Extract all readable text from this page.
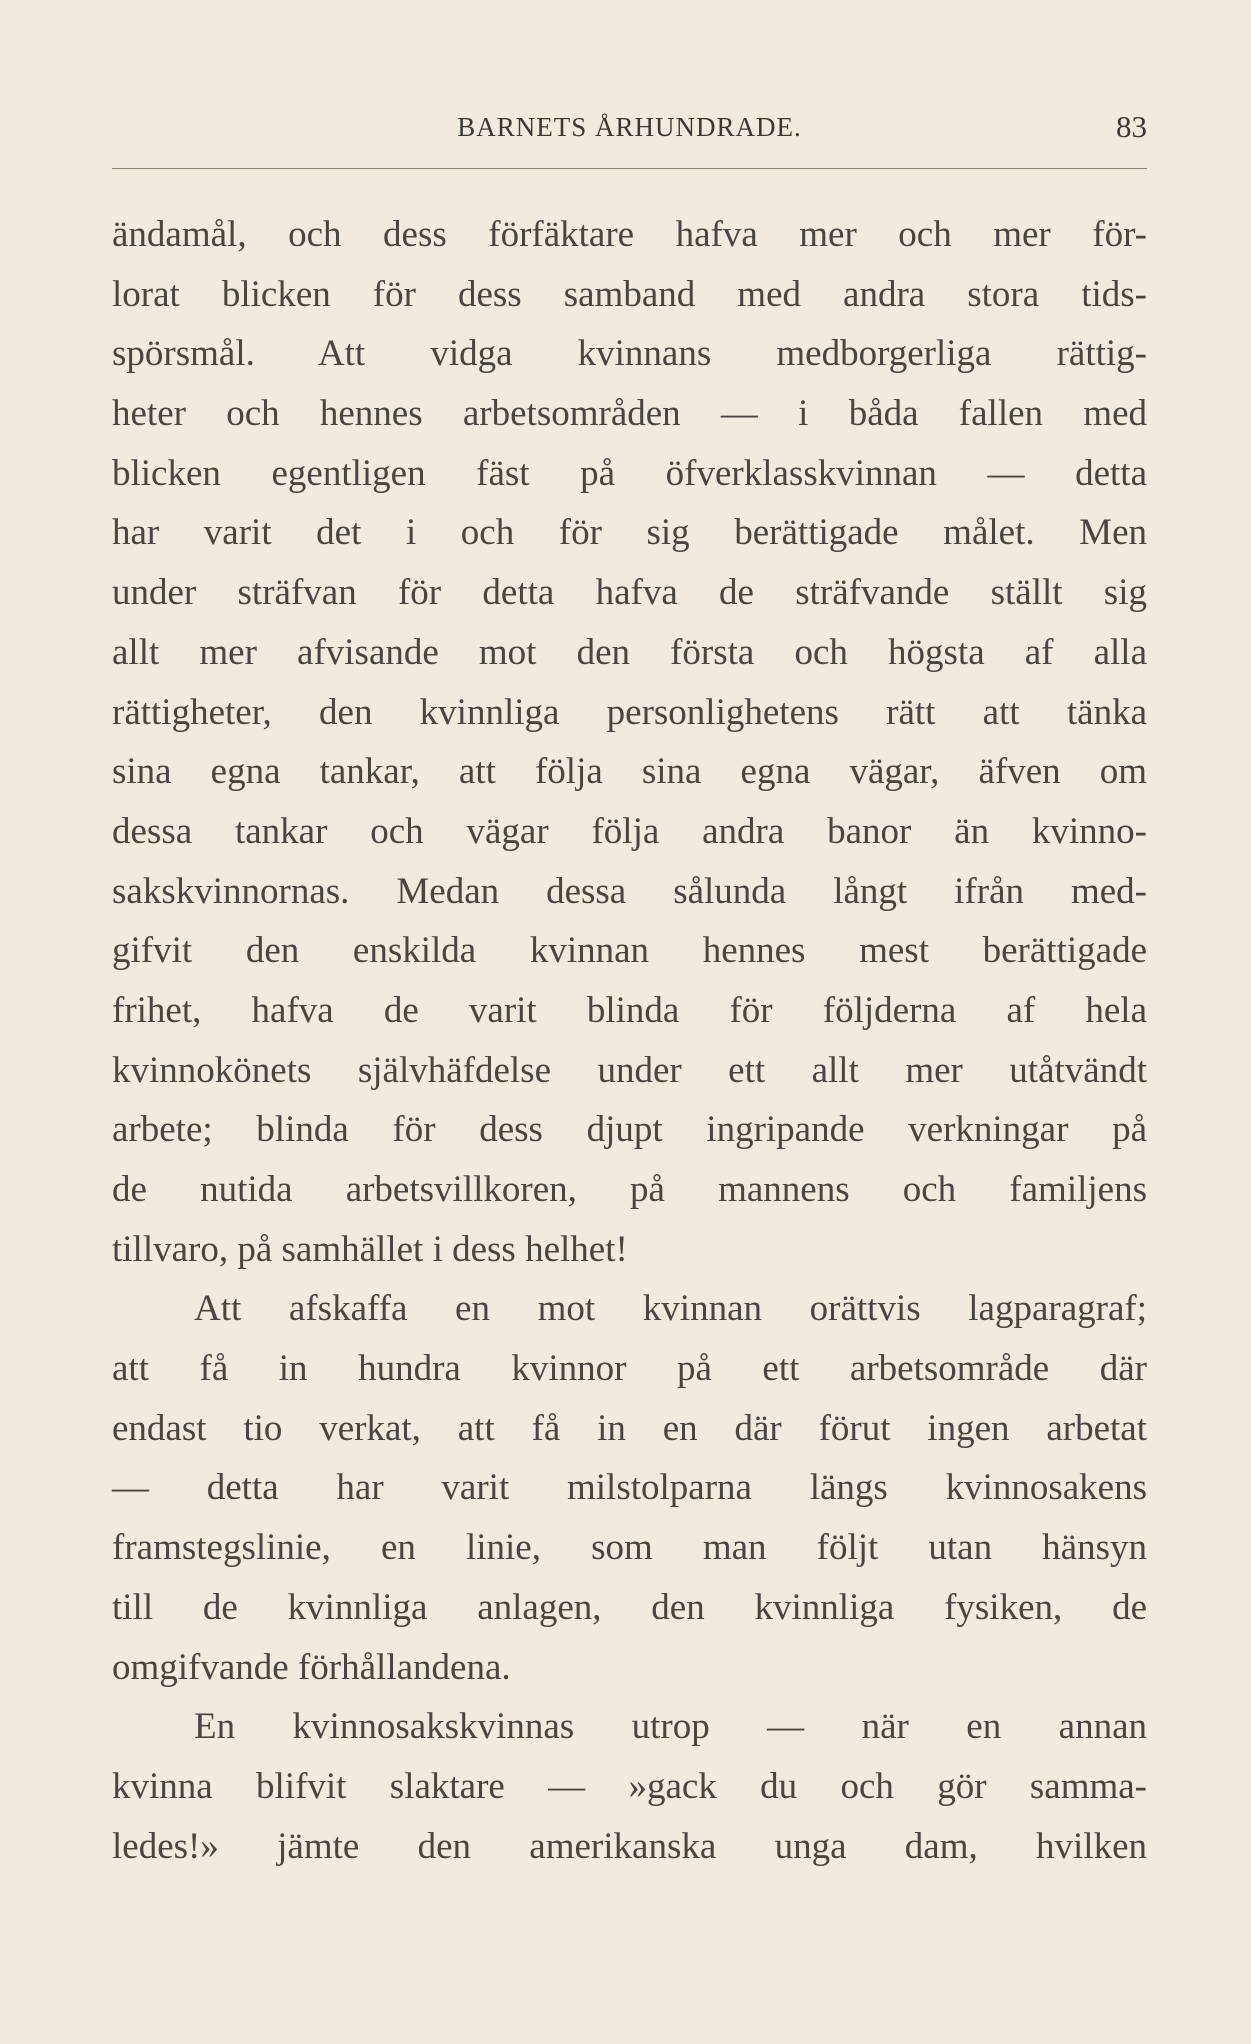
BARNETS ÅRHUNDRADE.	83
ändamål, och dess förfäktare hafva mer och mer för-
lorat blicken för dess samband med andra stora tids-
spörsmål. Att vidga kvinnans medborgerliga rättig-
heter och hennes arbetsområden — i båda fallen med
blicken egentligen fäst på öfverklasskvinnan — detta
har varit det i och för sig berättigade målet. Men
under sträfvan för detta hafva de sträfvande ställt sig
allt mer afvisande mot den första och högsta af alla
rättigheter, den kvinnliga personlighetens rätt att tänka
sina egna tankar, att följa sina egna vägar, äfven om
dessa tankar och vägar följa andra banor än kvinno-
sakskvinnornas. Medan dessa sålunda långt ifrån med-
gifvit den enskilda kvinnan hennes mest berättigade
frihet, hafva de varit blinda för följderna af hela
kvinnokönets självhäfdelse under ett allt mer utåtvändt
arbete; blinda för dess djupt ingripande verkningar på
de nutida arbetsvillkoren, på mannens och familjens
tillvaro, på samhället i dess helhet!
Att afskaffa en mot kvinnan orättvis lagparagraf;
att få in hundra kvinnor på ett arbetsområde där
endast tio verkat, att få in en där förut ingen arbetat
— detta har varit milstolparna längs kvinnosakens
framstegslinie, en linie, som man följt utan hänsyn
till de kvinnliga anlagen, den kvinnliga fysiken, de
omgifvande förhållandena.
En kvinnosakskvinnas utrop — när en annan
kvinna blifvit slaktare — »gack du och gör samma-
ledes!» jämte den amerikanska unga dam, hvilken
